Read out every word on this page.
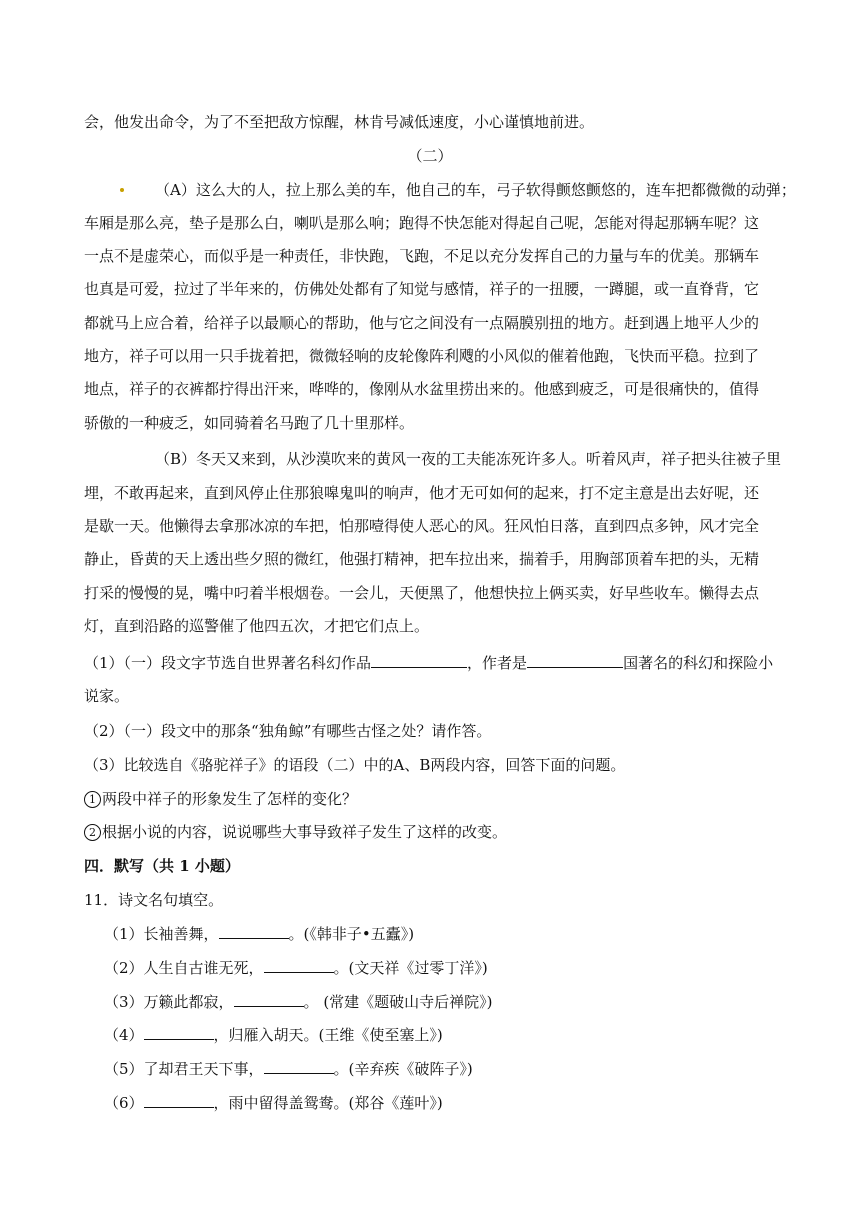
会，他发出命令，为了不至把敌方惊醒，林肯号减低速度，小心谨慎地前进。
（二）
（A）这么大的人，拉上那么美的车，他自己的车，弓子软得颤悠颤悠的，连车把都微微的动弹；
车厢是那么亮，垫子是那么白，喇叭是那么响；跑得不快怎能对得起自己呢，怎能对得起那辆车呢？这
一点不是虚荣心，而似乎是一种责任，非快跑，飞跑，不足以充分发挥自己的力量与车的优美。那辆车
也真是可爱，拉过了半年来的，仿佛处处都有了知觉与感情，祥子的一扭腰，一蹲腿，或一直脊背，它
都就马上应合着，给祥子以最顺心的帮助，他与它之间没有一点隔膜别扭的地方。赶到遇上地平人少的
地方，祥子可以用一只手拢着把，微微轻响的皮轮像阵利飕的小风似的催着他跑，飞快而平稳。拉到了
地点，祥子的衣裤都拧得出汗来，哗哗的，像刚从水盆里捞出来的。他感到疲乏，可是很痛快的，值得
骄傲的一种疲乏，如同骑着名马跑了几十里那样。
（B）冬天又来到，从沙漠吹来的黄风一夜的工夫能冻死许多人。听着风声，祥子把头往被子里
埋，不敢再起来，直到风停止住那狼嗥鬼叫的响声，他才无可如何的起来，打不定主意是出去好呢，还
是歇一天。他懒得去拿那冰凉的车把，怕那噎得使人恶心的风。狂风怕日落，直到四点多钟，风才完全
静止，昏黄的天上透出些夕照的微红，他强打精神，把车拉出来，揣着手，用胸部顶着车把的头，无精
打采的慢慢的晃，嘴中叼着半根烟卷。一会儿，天便黑了，他想快拉上俩买卖，好早些收车。懒得去点
灯，直到沿路的巡警催了他四五次，才把它们点上。
（1）（一）段文字节选自世界著名科幻作品	，作者是	国著名的科幻和探险小
说家。
（2）（一）段文中的那条“独角鲸”有哪些古怪之处？请作答。
（3）比较选自《骆驼祥子》的语段（二）中的A、B两段内容，回答下面的问题。
1 两段中祥子的形象发生了怎样的变化？
2 根据小说的内容，说说哪些大事导致祥子发生了这样的改变。
四．默写（共 1 小题）
11．诗文名句填空。
（1）长袖善舞，	。(《韩非子•五蠹》)
（2）人生自古谁无死，	。(文天祥《过零丁洋》)
（3）万籁此都寂，	。 (常建《题破山寺后禅院》)
（4）	，归雁入胡天。(王维《使至塞上》)
（5）了却君王天下事，	。(辛弃疾《破阵子》)
（6）	，雨中留得盖鸳鸯。(郑谷《莲叶》)
